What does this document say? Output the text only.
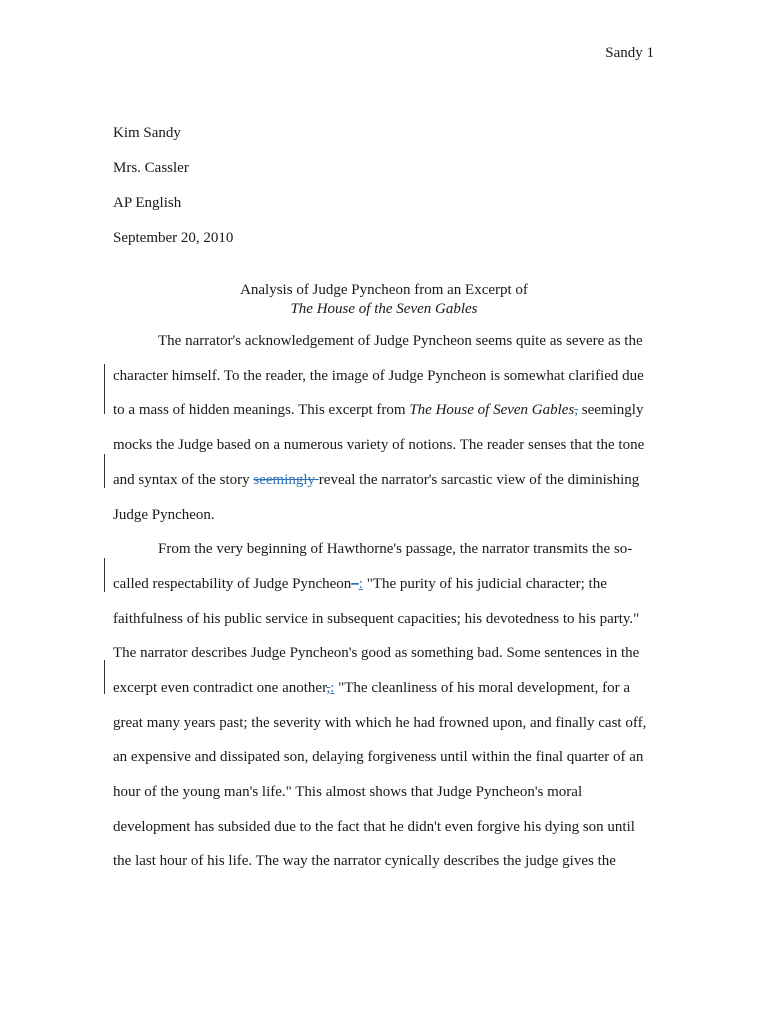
Sandy 1
Kim Sandy
Mrs. Cassler
AP English
September 20, 2010
Analysis of Judge Pyncheon from an Excerpt of
The House of the Seven Gables
The narrator's acknowledgement of Judge Pyncheon seems quite as severe as the
character himself. To the reader, the image of Judge Pyncheon is somewhat clarified due
to a mass of hidden meanings. This excerpt from The House of Seven Gables, seemingly
mocks the Judge based on a numerous variety of notions. The reader senses that the tone
and syntax of the story seemingly reveal the narrator's sarcastic view of the diminishing
Judge Pyncheon.
From the very beginning of Hawthorne's passage, the narrator transmits the so-
called respectability of Judge Pyncheon–: "The purity of his judicial character; the
faithfulness of his public service in subsequent capacities; his devotedness to his party."
The narrator describes Judge Pyncheon's good as something bad. Some sentences in the
excerpt even contradict one another,: "The cleanliness of his moral development, for a
great many years past; the severity with which he had frowned upon, and finally cast off,
an expensive and dissipated son, delaying forgiveness until within the final quarter of an
hour of the young man's life." This almost shows that Judge Pyncheon's moral
development has subsided due to the fact that he didn't even forgive his dying son until
the last hour of his life. The way the narrator cynically describes the judge gives the
